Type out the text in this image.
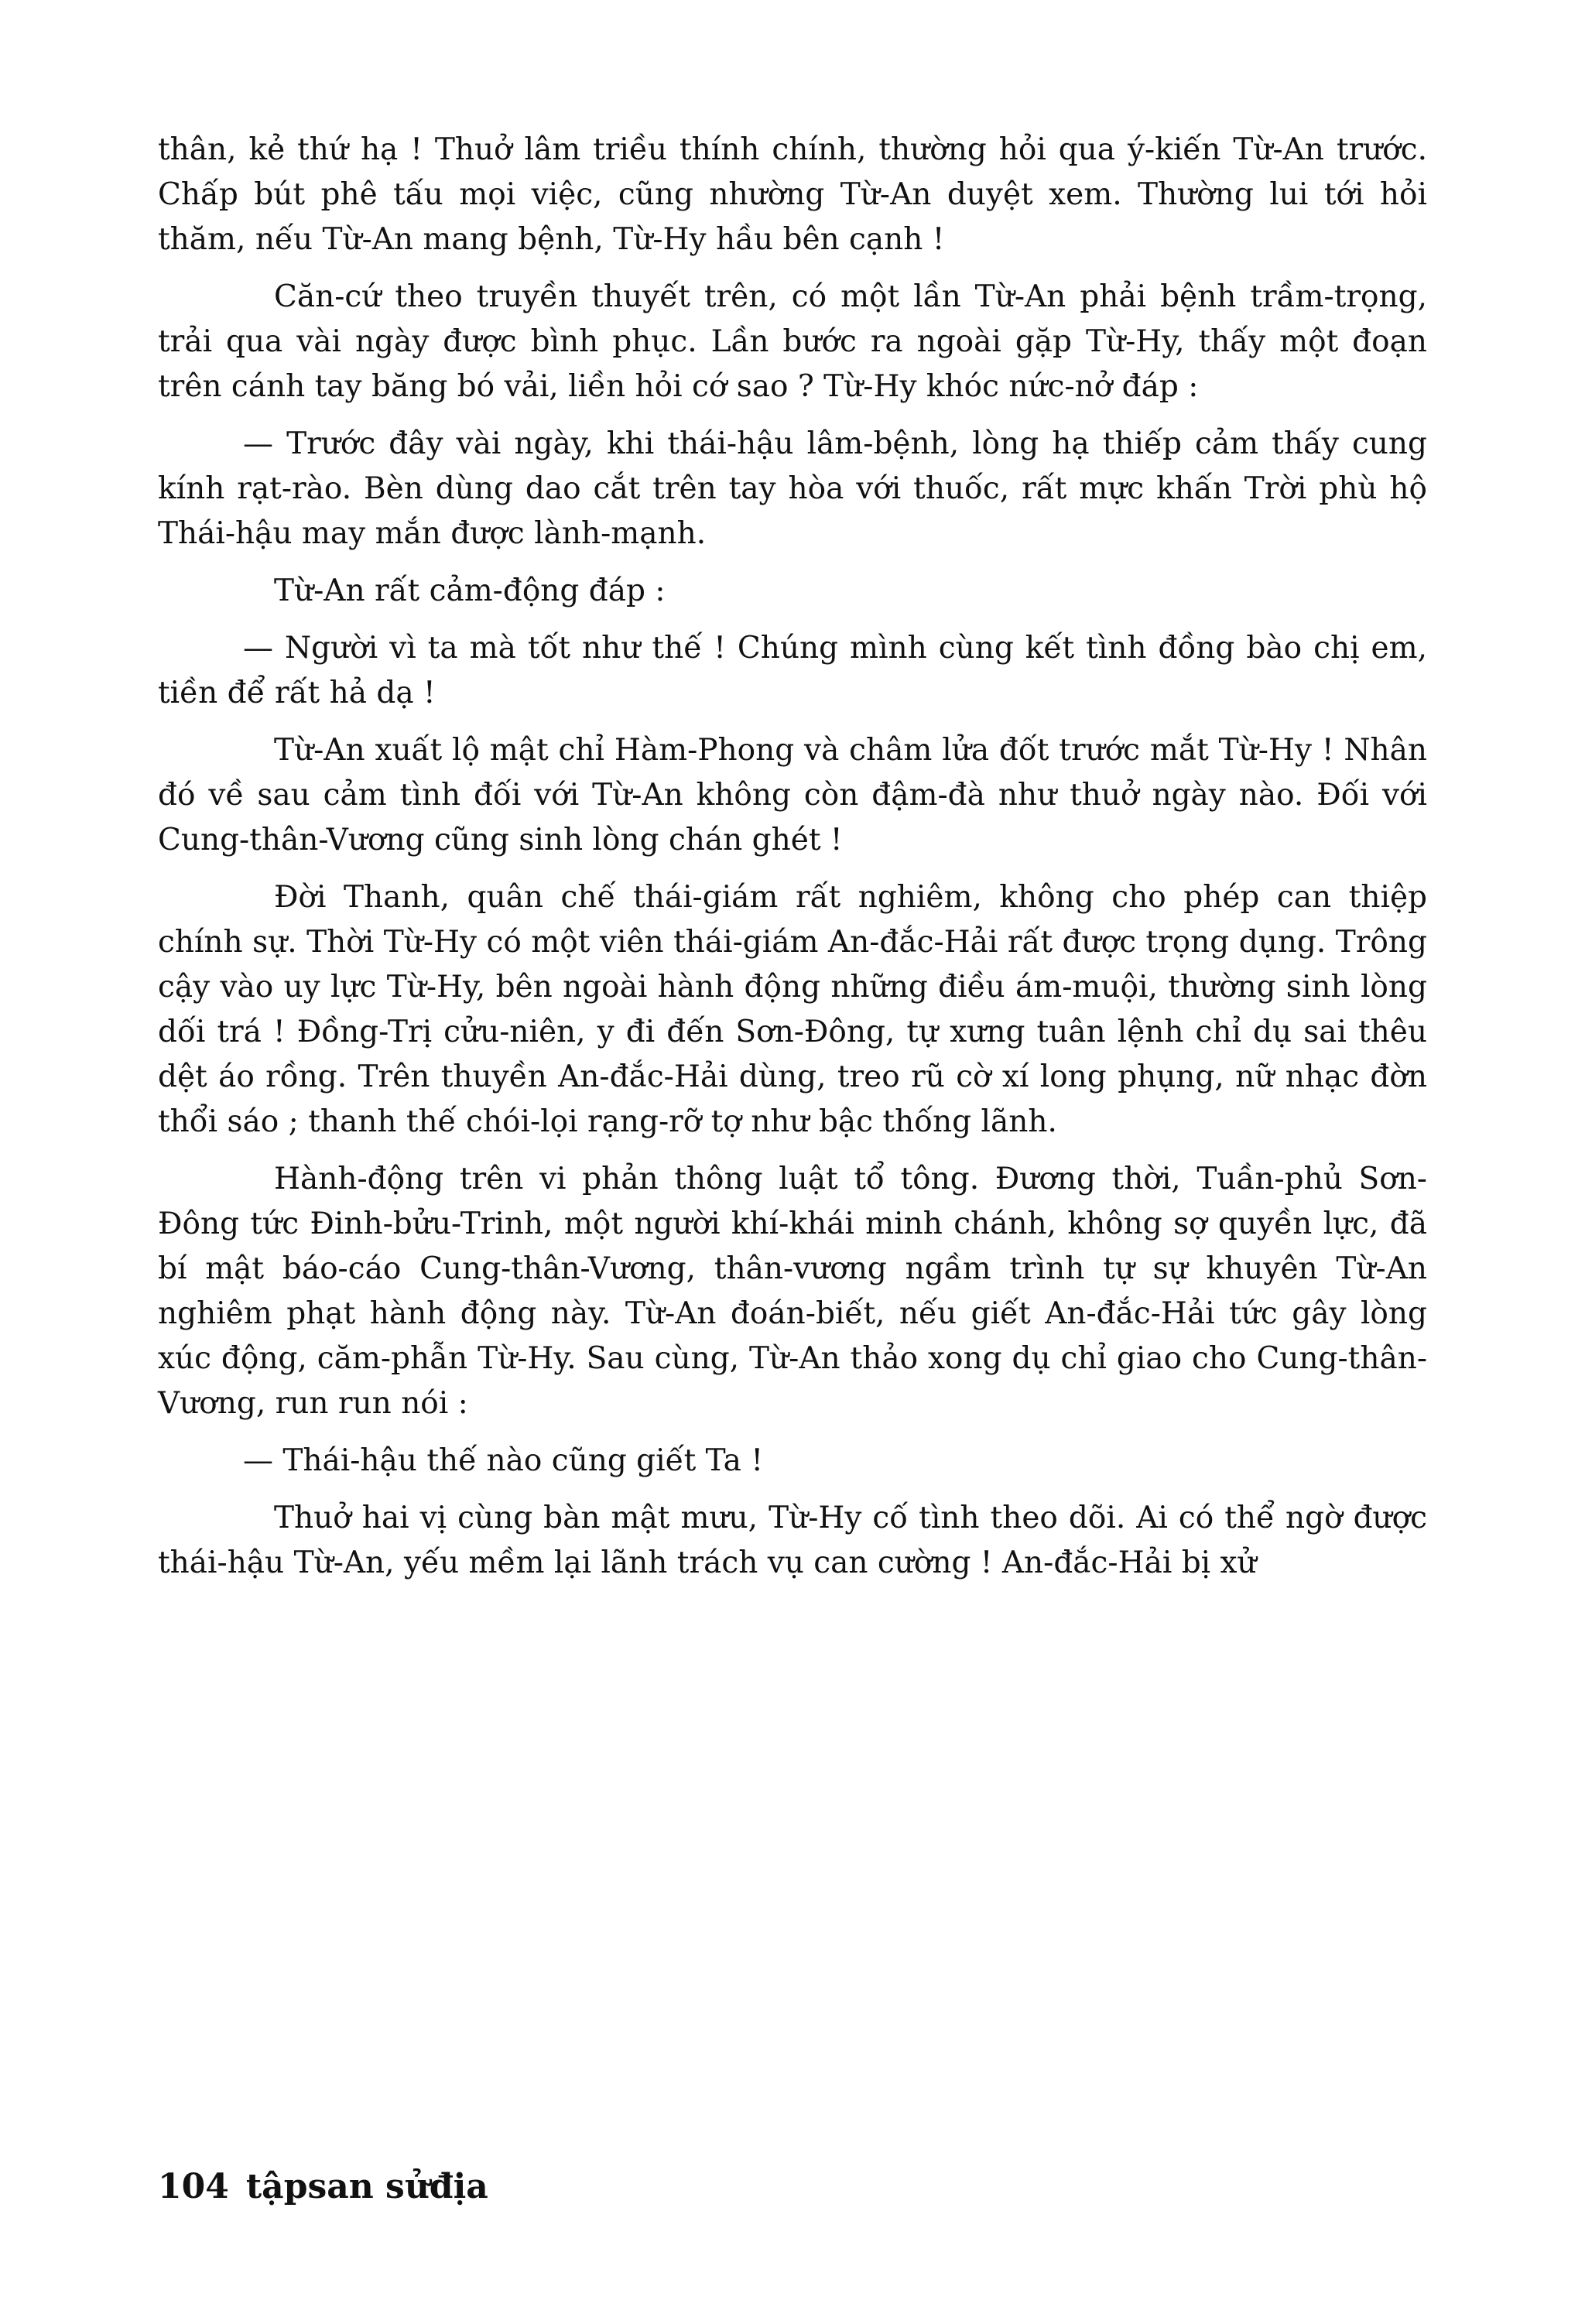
thân, kẻ thứ hạ ! Thuở lâm triều thính chính, thường hỏi qua ý-kiến Từ-An trước. Chấp bút phê tấu mọi việc, cũng nhường Từ-An duyệt xem. Thường lui tới hỏi thăm, nếu Từ-An mang bệnh, Từ-Hy hầu bên cạnh !

Căn-cứ theo truyền thuyết trên, có một lần Từ-An phải bệnh trầm-trọng, trải qua vài ngày được bình phục. Lần bước ra ngoài gặp Từ-Hy, thấy một đoạn trên cánh tay băng bó vải, liền hỏi cớ sao ? Từ-Hy khóc nức-nở đáp :

— Trước đây vài ngày, khi thái-hậu lâm-bệnh, lòng hạ thiếp cảm thấy cung kính rạt-rào. Bèn dùng dao cắt trên tay hòa với thuốc, rất mực khấn Trời phù hộ Thái-hậu may mắn được lành-mạnh.

Từ-An rất cảm-động đáp :

— Người vì ta mà tốt như thế ! Chúng mình cùng kết tình đồng bào chị em, tiền để rất hả dạ !

Từ-An xuất lộ mật chỉ Hàm-Phong và châm lửa đốt trước mắt Từ-Hy ! Nhân đó về sau cảm tình đối với Từ-An không còn đậm-đà như thuở ngày nào. Đối với Cung-thân-Vương cũng sinh lòng chán ghét !

Đời Thanh, quân chế thái-giám rất nghiêm, không cho phép can thiệp chính sự. Thời Từ-Hy có một viên thái-giám An-đắc-Hải rất được trọng dụng. Trông cậy vào uy lực Từ-Hy, bên ngoài hành động những điều ám-muội, thường sinh lòng dối trá ! Đồng-Trị cửu-niên, y đi đến Sơn-Đông, tự xưng tuân lệnh chỉ dụ sai thêu dệt áo rồng. Trên thuyền An-đắc-Hải dùng, treo rũ cờ xí long phụng, nữ nhạc đờn thổi sáo ; thanh thế chói-lọi rạng-rỡ tợ như bậc thống lãnh.

Hành-động trên vi phản thông luật tổ tông. Đương thời, Tuần-phủ Sơn-Đông tức Đinh-bửu-Trinh, một người khí-khái minh chánh, không sợ quyền lực, đã bí mật báo-cáo Cung-thân-Vương, thân-vương ngầm trình tự sự khuyên Từ-An nghiêm phạt hành động này. Từ-An đoán-biết, nếu giết An-đắc-Hải tức gây lòng xúc động, căm-phẫn Từ-Hy. Sau cùng, Từ-An thảo xong dụ chỉ giao cho Cung-thân-Vương, run run nói :

— Thái-hậu thế nào cũng giết Ta !

Thuở hai vị cùng bàn mật mưu, Từ-Hy cố tình theo dõi. Ai có thể ngờ được thái-hậu Từ-An, yếu mềm lại lãnh trách vụ can cường ! An-đắc-Hải bị xử

104 tậpsan sửđịa
